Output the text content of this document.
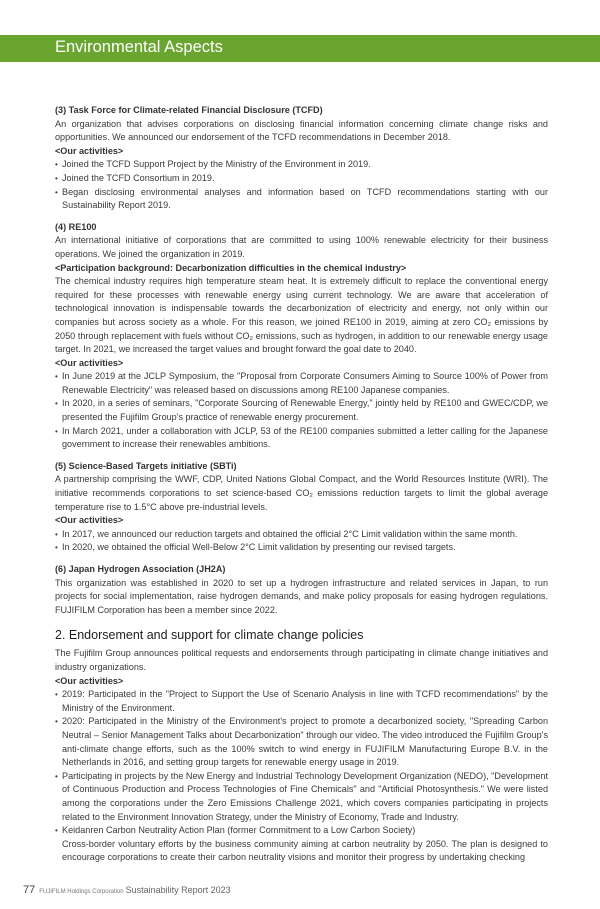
Environmental Aspects

(3) Task Force for Climate-related Financial Disclosure (TCFD)

An organization that advises corporations on disclosing financial information concerning climate change risks and opportunities. We announced our endorsement of the TCFD recommendations in December 2018.

<Our activities>

• Joined the TCFD Support Project by the Ministry of the Environment in 2019.
• Joined the TCFD Consortium in 2019.
• Began disclosing environmental analyses and information based on TCFD recommendations starting with our Sustainability Report 2019.

(4) RE100

An international initiative of corporations that are committed to using 100% renewable electricity for their business operations. We joined the organization in 2019.

<Participation background: Decarbonization difficulties in the chemical industry>

The chemical industry requires high temperature steam heat. It is extremely difficult to replace the conventional energy required for these processes with renewable energy using current technology. We are aware that acceleration of technological innovation is indispensable towards the decarbonization of electricity and energy, not only within our companies but across society as a whole. For this reason, we joined RE100 in 2019, aiming at zero CO₂ emissions by 2050 through replacement with fuels without CO₂ emissions, such as hydrogen, in addition to our renewable energy usage target. In 2021, we increased the target values and brought forward the goal date to 2040.

<Our activities>

• In June 2019 at the JCLP Symposium, the "Proposal from Corporate Consumers Aiming to Source 100% of Power from Renewable Electricity" was released based on discussions among RE100 Japanese companies.
• In 2020, in a series of seminars, "Corporate Sourcing of Renewable Energy," jointly held by RE100 and GWEC/CDP, we presented the Fujifilm Group's practice of renewable energy procurement.
• In March 2021, under a collaboration with JCLP, 53 of the RE100 companies submitted a letter calling for the Japanese government to increase their renewables ambitions.

(5) Science-Based Targets initiative (SBTi)

A partnership comprising the WWF, CDP, United Nations Global Compact, and the World Resources Institute (WRI). The initiative recommends corporations to set science-based CO₂ emissions reduction targets to limit the global average temperature rise to 1.5°C above pre-industrial levels.

<Our activities>

• In 2017, we announced our reduction targets and obtained the official 2°C Limit validation within the same month.
• In 2020, we obtained the official Well-Below 2°C Limit validation by presenting our revised targets.

(6) Japan Hydrogen Association (JH2A)

This organization was established in 2020 to set up a hydrogen infrastructure and related services in Japan, to run projects for social implementation, raise hydrogen demands, and make policy proposals for easing hydrogen regulations. FUJIFILM Corporation has been a member since 2022.

2. Endorsement and support for climate change policies

The Fujifilm Group announces political requests and endorsements through participating in climate change initiatives and industry organizations.

<Our activities>

• 2019: Participated in the "Project to Support the Use of Scenario Analysis in line with TCFD recommendations" by the Ministry of the Environment.
• 2020: Participated in the Ministry of the Environment's project to promote a decarbonized society, "Spreading Carbon Neutral – Senior Management Talks about Decarbonization" through our video. The video introduced the Fujifilm Group's anti-climate change efforts, such as the 100% switch to wind energy in FUJIFILM Manufacturing Europe B.V. in the Netherlands in 2016, and setting group targets for renewable energy usage in 2019.
• Participating in projects by the New Energy and Industrial Technology Development Organization (NEDO), "Development of Continuous Production and Process Technologies of Fine Chemicals" and "Artificial Photosynthesis." We were listed among the corporations under the Zero Emissions Challenge 2021, which covers companies participating in projects related to the Environment Innovation Strategy, under the Ministry of Economy, Trade and Industry.
• Keidanren Carbon Neutrality Action Plan (former Commitment to a Low Carbon Society)

Cross-border voluntary efforts by the business community aiming at carbon neutrality by 2050. The plan is designed to encourage corporations to create their carbon neutrality visions and monitor their progress by undertaking checking

77 FUJIFILM Holdings Corporation Sustainability Report 2023
